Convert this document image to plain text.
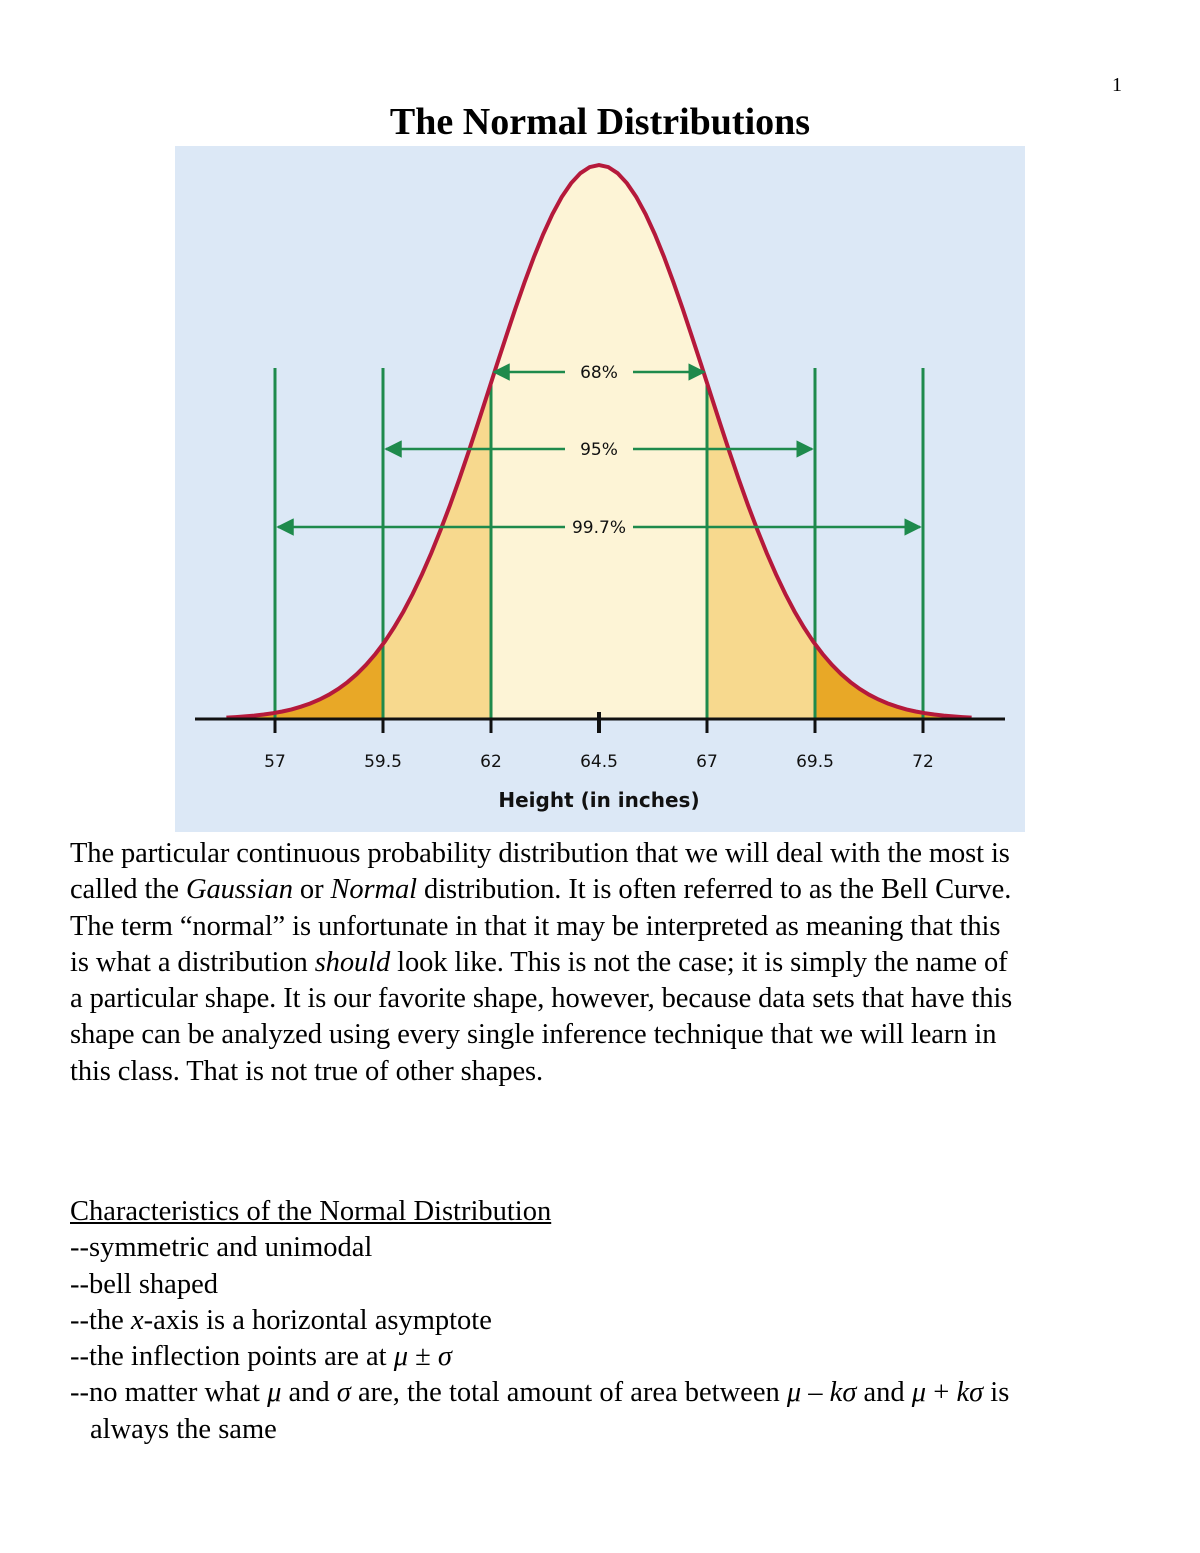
1
The Normal Distributions
68%
95%
99.7%
57	59.5	62	64.5	67	69.5	72
Height (in inches)

The particular continuous probability distribution that we will deal with the most is

called the Gaussian or Normal distribution. It is often referred to as the Bell Curve.

The term “normal” is unfortunate in that it may be interpreted as meaning that this

is what a distribution should look like. This is not the case; it is simply the name of

a particular shape. It is our favorite shape, however, because data sets that have this

shape can be analyzed using every single inference technique that we will learn in

this class. That is not true of other shapes.

Characteristics of the Normal Distribution

--symmetric and unimodal

--bell shaped

--the x-axis is a horizontal asymptote

--the inflection points are at μ ± σ

--no matter what μ and σ are, the total amount of area between μ – kσ and μ + kσ is
always the same
